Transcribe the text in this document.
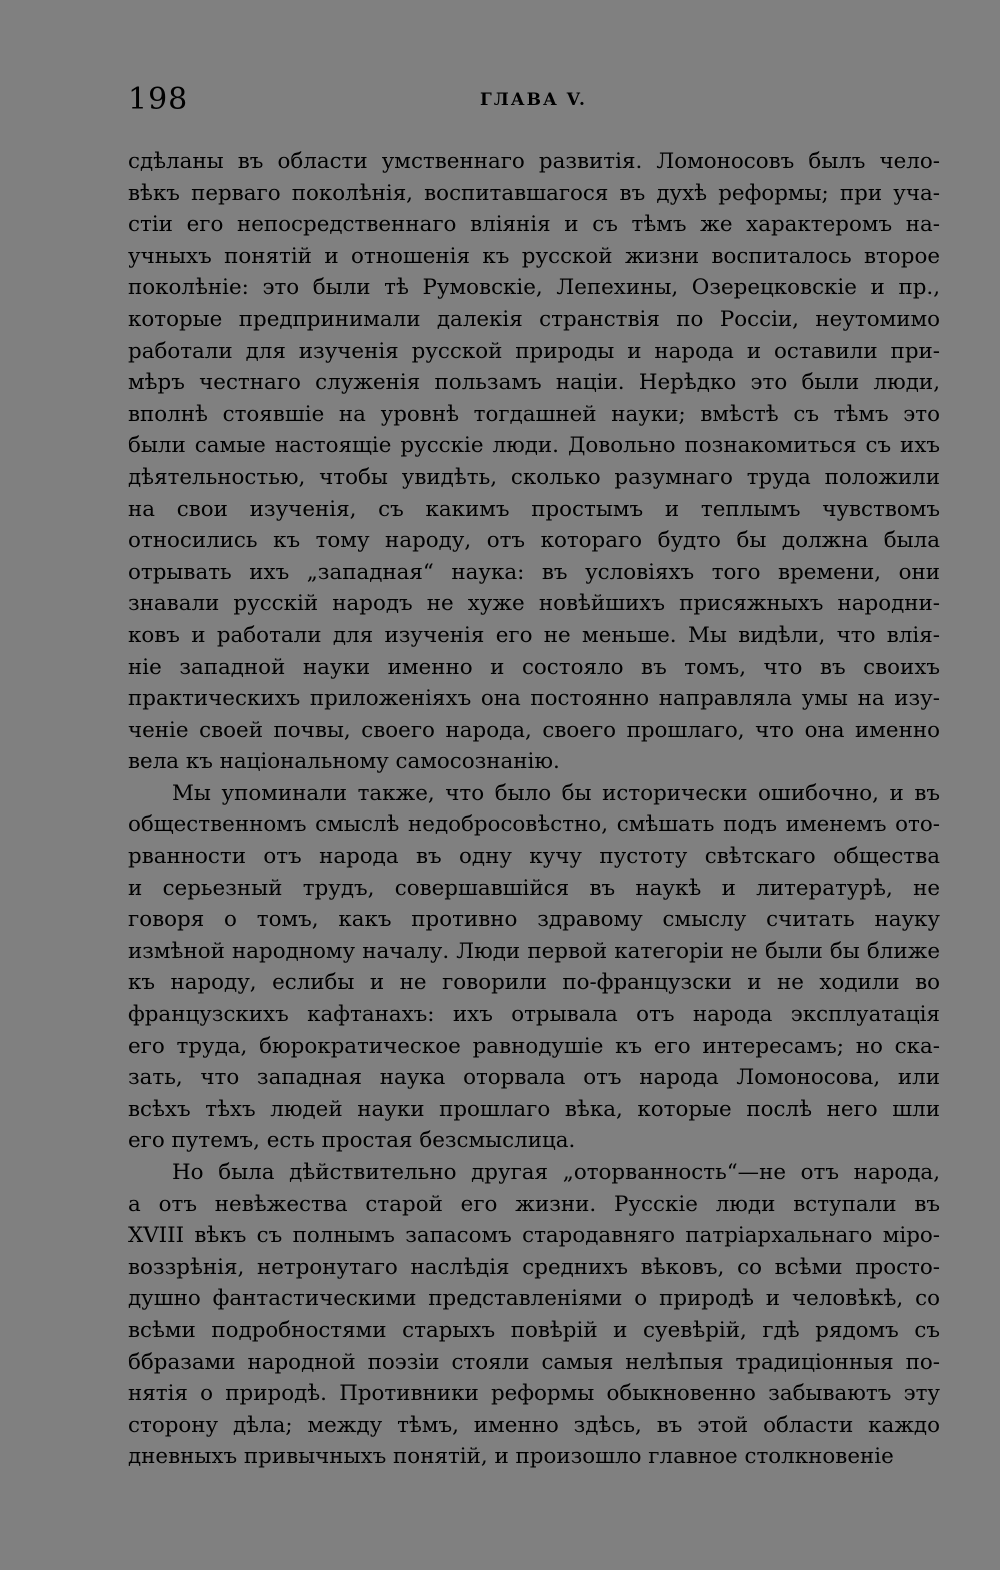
198	ГЛАВА V.
сдѣланы въ области умственнаго развитія. Ломоносовъ былъ чело-
вѣкъ перваго поколѣнія, воспитавшагося въ духѣ реформы; при уча-
стіи его непосредственнаго вліянія и съ тѣмъ же характеромъ на-
учныхъ понятій и отношенія къ русской жизни воспиталось второе
поколѣніе: это были тѣ Румовскіе, Лепехины, Озерецковскіе и пр.,
которые предпринимали далекія странствія по Россіи, неутомимо
работали для изученія русской природы и народа и оставили при-
мѣръ честнаго служенія пользамъ націи. Нерѣдко это были люди,
вполнѣ стоявшіе на уровнѣ тогдашней науки; вмѣстѣ съ тѣмъ это
были самые настоящіе русскіе люди. Довольно познакомиться съ ихъ
дѣятельностью, чтобы увидѣть, сколько разумнаго труда положили
на свои изученія, съ какимъ простымъ и теплымъ чувствомъ
относились къ тому народу, отъ котораго будто бы должна была
отрывать ихъ „западная“ наука: въ условіяхъ того времени, они
знавали русскій народъ не хуже новѣйшихъ присяжныхъ народни-
ковъ и работали для изученія его не меньше. Мы видѣли, что влія-
ніе западной науки именно и состояло въ томъ, что въ своихъ
практическихъ приложеніяхъ она постоянно направляла умы на изу-
ченіе своей почвы, своего народа, своего прошлаго, что она именно
вела къ національному самосознанію.
Мы упоминали также, что было бы исторически ошибочно, и въ
общественномъ смыслѣ недобросовѣстно, смѣшать подъ именемъ ото-
рванности отъ народа въ одну кучу пустоту свѣтскаго общества
и серьезный трудъ, совершавшійся въ наукѣ и литературѣ, не
говоря о томъ, какъ противно здравому смыслу считать науку
измѣной народному началу. Люди первой категоріи не были бы ближе
къ народу, еслибы и не говорили по-французски и не ходили во
французскихъ кафтанахъ: ихъ отрывала отъ народа эксплуатація
его труда, бюрократическое равнодушіе къ его интересамъ; но ска-
зать, что западная наука оторвала отъ народа Ломоносова, или
всѣхъ тѣхъ людей науки прошлаго вѣка, которые послѣ него шли
его путемъ, есть простая безсмыслица.
Но была дѣйствительно другая „оторванность“—не отъ народа,
а отъ невѣжества старой его жизни. Русскіе люди вступали въ
XVIII вѣкъ съ полнымъ запасомъ стародавняго патріархальнаго міро-
воззрѣнія, нетронутаго наслѣдія среднихъ вѣковъ, со всѣми просто-
душно фантастическими представленіями о природѣ и человѣкѣ, со
всѣми подробностями старыхъ повѣрій и суевѣрій, гдѣ рядомъ съ
ббразами народной поэзіи стояли самыя нелѣпыя традиціонныя по-
нятія о природѣ. Противники реформы обыкновенно забываютъ эту
сторону дѣла; между тѣмъ, именно здѣсь, въ этой области каждо
дневныхъ привычныхъ понятій, и произошло главное столкновеніе
